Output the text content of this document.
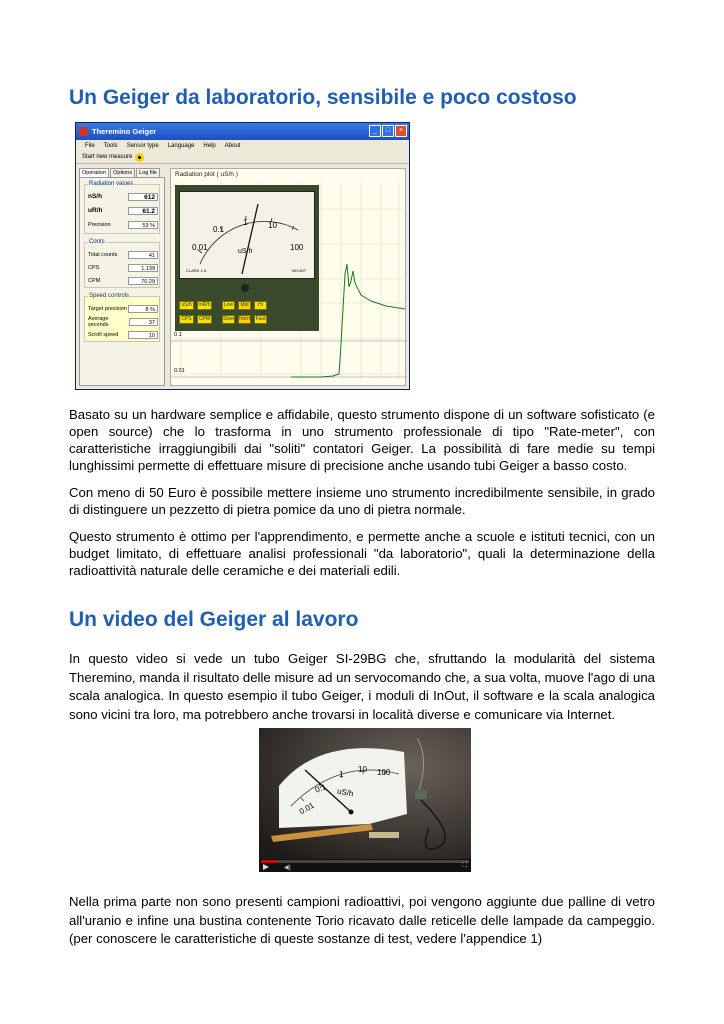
Un Geiger da laboratorio, sensibile e poco costoso
Theremino Geiger	_	□	×
File Tools Sensor type Language Help About
Start new measure
Operation	Options	Log file
Radiation values
nS/h	612
uR/h	61.2
Precision	53 %
Conts
Total counts	41
CPS	1.139
CPM	70.29
Speed controls
Target precision	8 %
Average seconds	37
Scroll speed	10
Radiation plot ( uS/h )
0.1
0.01
0.01
0.1
1	10
100
uS/h
CLARK 1-5	NO-50T
uS/h	mR/h	Low	Mid	Hi
CPS	CPM	Slow Norm Fast

Basato su un hardware semplice e affidabile, questo strumento dispone di un software sofisticato (e open source) che lo trasforma in uno strumento professionale di tipo "Rate-meter", con caratteristiche irraggiungibili dai "soliti" contatori Geiger. La possibilità di fare medie su tempi lunghissimi permette di effettuare misure di precisione anche usando tubi Geiger a basso costo.

Con meno di 50 Euro è possibile mettere insieme uno strumento incredibilmente sensibile, in grado di distinguere un pezzetto di pietra pomice da uno di pietra normale.

Questo strumento è ottimo per l'apprendimento, e permette anche a scuole e istituti tecnici, con un budget limitato, di effettuare analisi professionali "da laboratorio", quali la determinazione della radioattività naturale delle ceramiche e dei materiali edili.

Un video del Geiger al lavoro

In questo video si vede un tubo Geiger SI-29BG che, sfruttando la modularità del sistema Theremino, manda il risultato delle misure ad un servocomando che, a sua volta, muove l'ago di una scala analogica. In questo esempio il tubo Geiger, i moduli di InOut, il software e la scala analogica sono vicini tra loro, ma potrebbero anche trovarsi in località diverse e comunicare via Internet.

0.01
0.1
1
10 100
uS/h
◀)	⛶

Nella prima parte non sono presenti campioni radioattivi, poi vengono aggiunte due palline di vetro all'uranio e infine una bustina contenente Torio ricavato dalle reticelle delle lampade da campeggio. (per conoscere le caratteristiche di queste sostanze di test, vedere l'appendice 1)
